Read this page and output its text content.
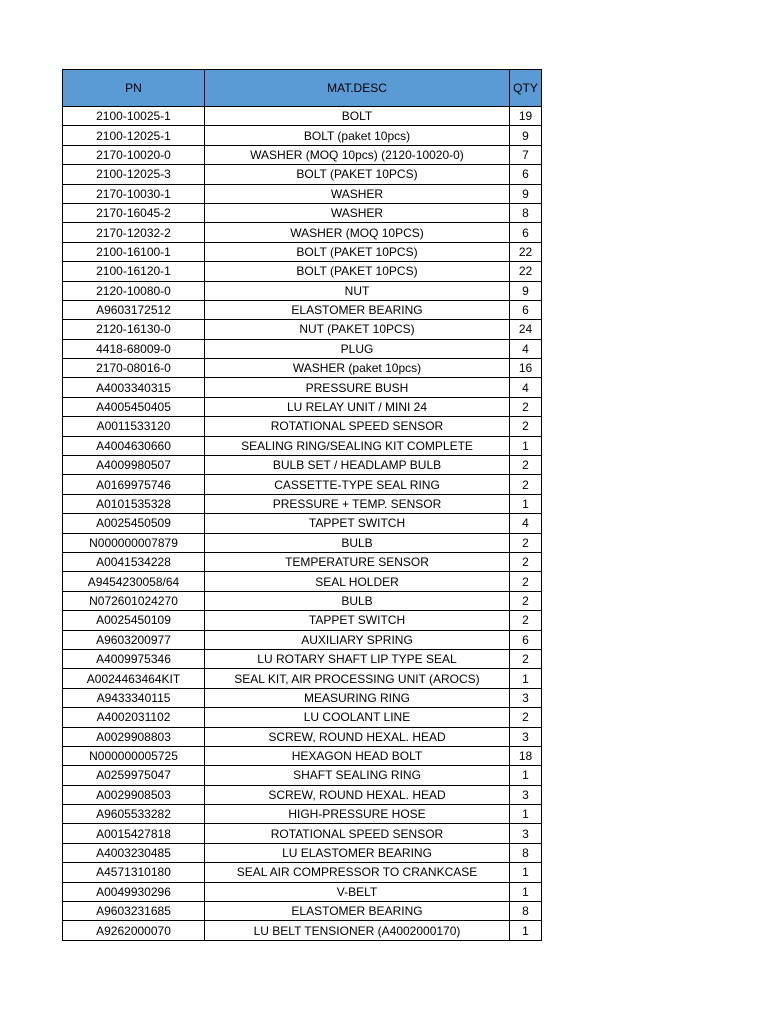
PN	MAT.DESC	QTY
2100-10025-1	BOLT	19
2100-12025-1	BOLT (paket 10pcs)	9
2170-10020-0	WASHER (MOQ 10pcs) (2120-10020-0)	7
2100-12025-3	BOLT (PAKET 10PCS)	6
2170-10030-1	WASHER	9
2170-16045-2	WASHER	8
2170-12032-2	WASHER (MOQ 10PCS)	6
2100-16100-1	BOLT (PAKET 10PCS)	22
2100-16120-1	BOLT (PAKET 10PCS)	22
2120-10080-0	NUT	9
A9603172512	ELASTOMER BEARING	6
2120-16130-0	NUT (PAKET 10PCS)	24
4418-68009-0	PLUG	4
2170-08016-0	WASHER (paket 10pcs)	16
A4003340315	PRESSURE BUSH	4
A4005450405	LU RELAY UNIT / MINI 24	2
A0011533120	ROTATIONAL SPEED SENSOR	2
A4004630660	SEALING RING/SEALING KIT COMPLETE	1
A4009980507	BULB SET / HEADLAMP BULB	2
A0169975746	CASSETTE-TYPE SEAL RING	2
A0101535328	PRESSURE + TEMP. SENSOR	1
A0025450509	TAPPET SWITCH	4
N000000007879	BULB	2
A0041534228	TEMPERATURE SENSOR	2
A9454230058/64	SEAL HOLDER	2
N072601024270	BULB	2
A0025450109	TAPPET SWITCH	2
A9603200977	AUXILIARY SPRING	6
A4009975346	LU ROTARY SHAFT LIP TYPE SEAL	2
A0024463464KIT	SEAL KIT, AIR PROCESSING UNIT (AROCS)	1
A9433340115	MEASURING RING	3
A4002031102	LU COOLANT LINE	2
A0029908803	SCREW, ROUND HEXAL. HEAD	3
N000000005725	HEXAGON HEAD BOLT	18
A0259975047	SHAFT SEALING RING	1
A0029908503	SCREW, ROUND HEXAL. HEAD	3
A9605533282	HIGH-PRESSURE HOSE	1
A0015427818	ROTATIONAL SPEED SENSOR	3
A4003230485	LU ELASTOMER BEARING	8
A4571310180	SEAL AIR COMPRESSOR TO CRANKCASE	1
A0049930296	V-BELT	1
A9603231685	ELASTOMER BEARING	8
A9262000070	LU BELT TENSIONER (A4002000170)	1
